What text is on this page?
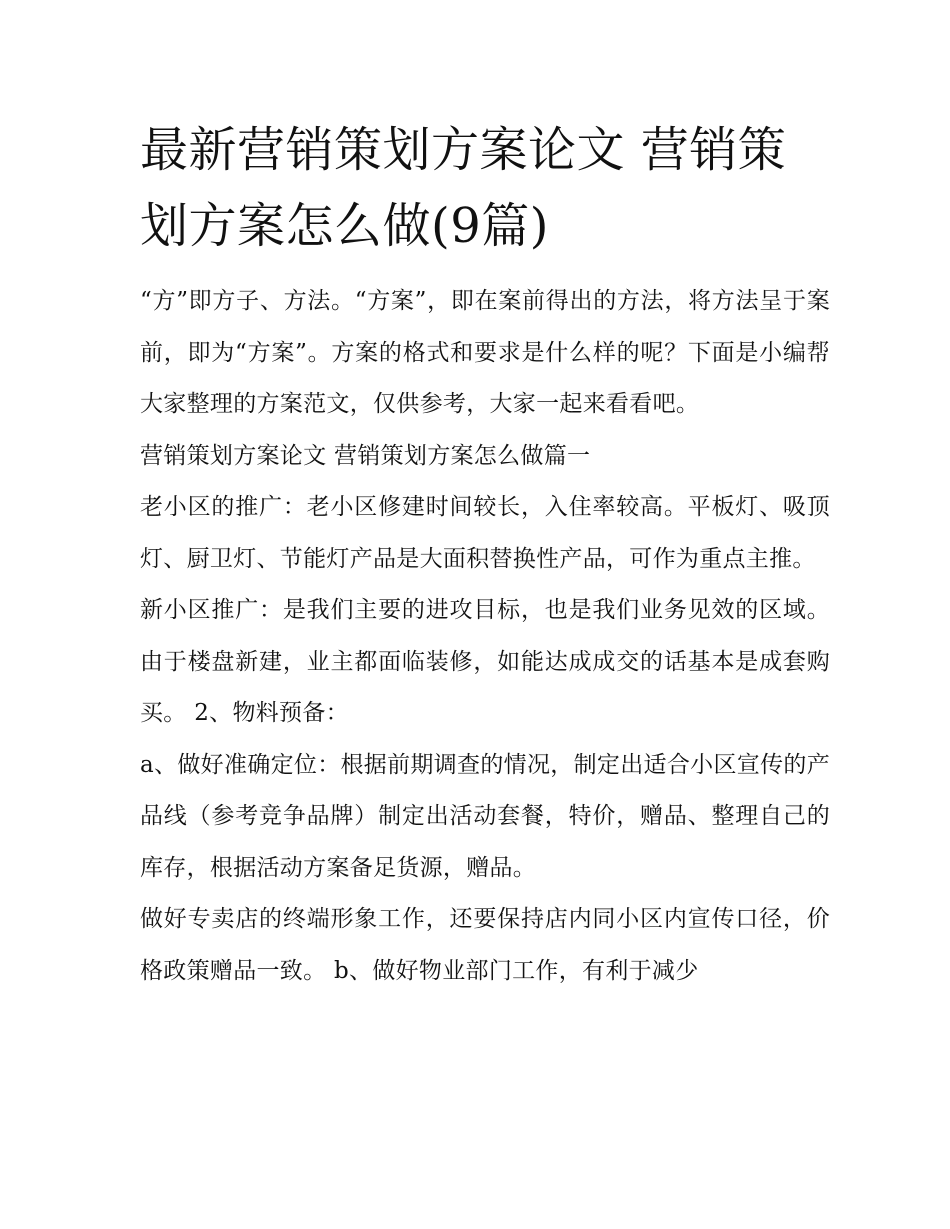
最新营销策划方案论文 营销策划方案怎么做(9篇)

“方”即方子、方法。“方案”，即在案前得出的方法，将方法呈于案前，即为“方案”。方案的格式和要求是什么样的呢？下面是小编帮大家整理的方案范文，仅供参考，大家一起来看看吧。

营销策划方案论文 营销策划方案怎么做篇一

老小区的推广：老小区修建时间较长，入住率较高。平板灯、吸顶灯、厨卫灯、节能灯产品是大面积替换性产品，可作为重点主推。

新小区推广：是我们主要的进攻目标，也是我们业务见效的区域。由于楼盘新建，业主都面临装修，如能达成成交的话基本是成套购买。 2、物料预备：

a、做好准确定位：根据前期调查的情况，制定出适合小区宣传的产品线（参考竞争品牌）制定出活动套餐，特价，赠品、整理自己的库存，根据活动方案备足货源，赠品。

做好专卖店的终端形象工作，还要保持店内同小区内宣传口径，价格政策赠品一致。 b、做好物业部门工作，有利于减少
